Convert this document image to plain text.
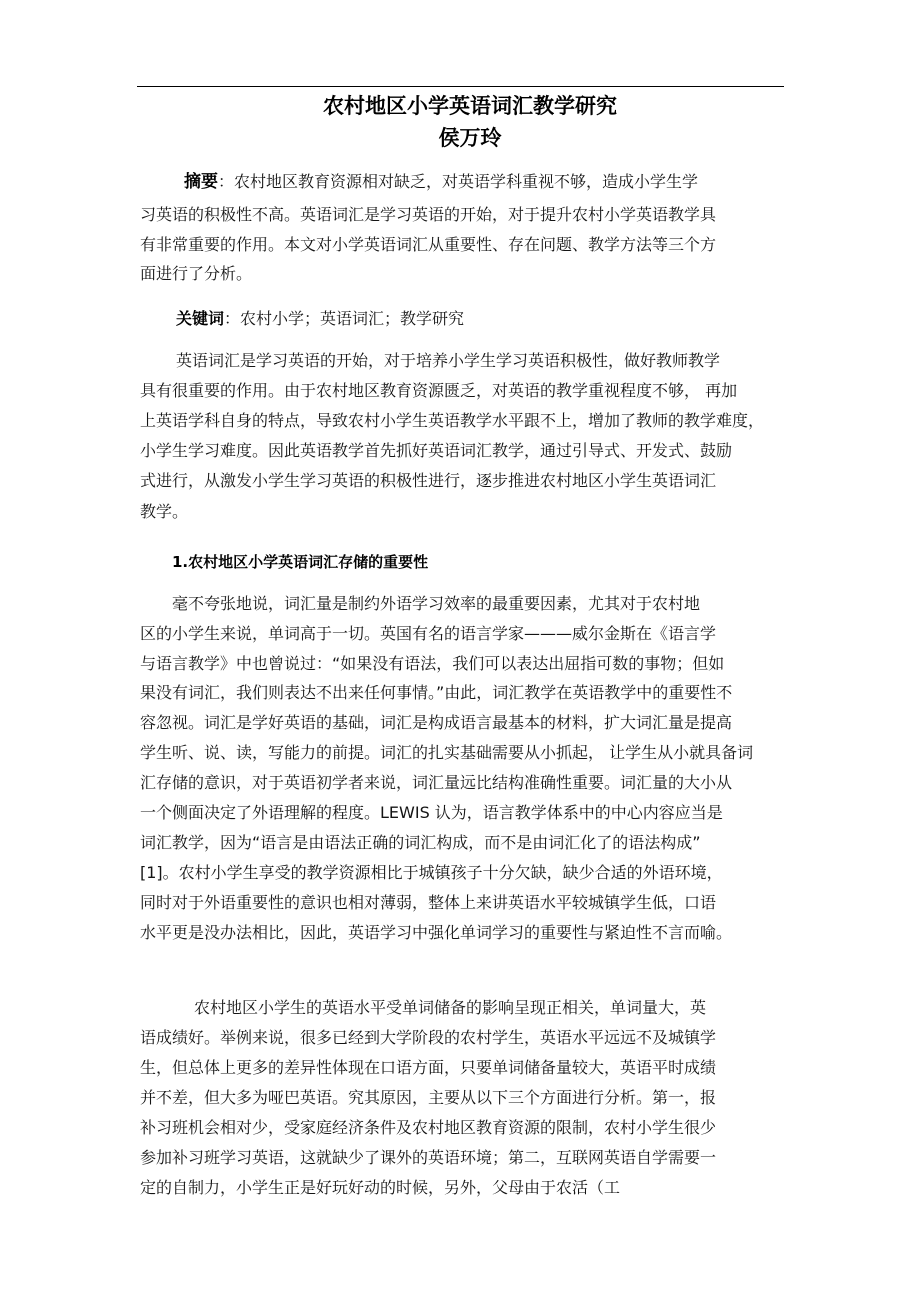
农村地区小学英语词汇教学研究
侯万玲
摘要：农村地区教育资源相对缺乏，对英语学科重视不够，造成小学生学
习英语的积极性不高。英语词汇是学习英语的开始，对于提升农村小学英语教学具
有非常重要的作用。本文对小学英语词汇从重要性、存在问题、教学方法等三个方
面进行了分析。
关键词：农村小学；英语词汇；教学研究
英语词汇是学习英语的开始，对于培养小学生学习英语积极性，做好教师教学
具有很重要的作用。由于农村地区教育资源匮乏，对英语的教学重视程度不够， 再加
上英语学科自身的特点，导致农村小学生英语教学水平跟不上，增加了教师的教学难度，
小学生学习难度。因此英语教学首先抓好英语词汇教学，通过引导式、开发式、鼓励
式进行，从激发小学生学习英语的积极性进行，逐步推进农村地区小学生英语词汇
教学。
1.农村地区小学英语词汇存储的重要性
毫不夸张地说，词汇量是制约外语学习效率的最重要因素，尤其对于农村地
区的小学生来说，单词高于一切。英国有名的语言学家———威尔金斯在《语言学
与语言教学》中也曾说过：“如果没有语法，我们可以表达出屈指可数的事物；但如
果没有词汇，我们则表达不出来任何事情。”由此，词汇教学在英语教学中的重要性不
容忽视。词汇是学好英语的基础，词汇是构成语言最基本的材料，扩大词汇量是提高
学生听、说、读，写能力的前提。词汇的扎实基础需要从小抓起， 让学生从小就具备词
汇存储的意识，对于英语初学者来说，词汇量远比结构准确性重要。词汇量的大小从
一个侧面决定了外语理解的程度。LEWIS 认为，语言教学体系中的中心内容应当是
词汇教学，因为“语言是由语法正确的词汇构成，而不是由词汇化了的语法构成”
[1]。农村小学生享受的教学资源相比于城镇孩子十分欠缺，缺少合适的外语环境，
同时对于外语重要性的意识也相对薄弱，整体上来讲英语水平较城镇学生低，口语
水平更是没办法相比，因此，英语学习中强化单词学习的重要性与紧迫性不言而喻。
农村地区小学生的英语水平受单词储备的影响呈现正相关，单词量大，英
语成绩好。举例来说，很多已经到大学阶段的农村学生，英语水平远远不及城镇学
生，但总体上更多的差异性体现在口语方面，只要单词储备量较大，英语平时成绩
并不差，但大多为哑巴英语。究其原因，主要从以下三个方面进行分析。第一，报
补习班机会相对少，受家庭经济条件及农村地区教育资源的限制，农村小学生很少
参加补习班学习英语，这就缺少了课外的英语环境；第二，互联网英语自学需要一
定的自制力，小学生正是好玩好动的时候，另外，父母由于农活（工
